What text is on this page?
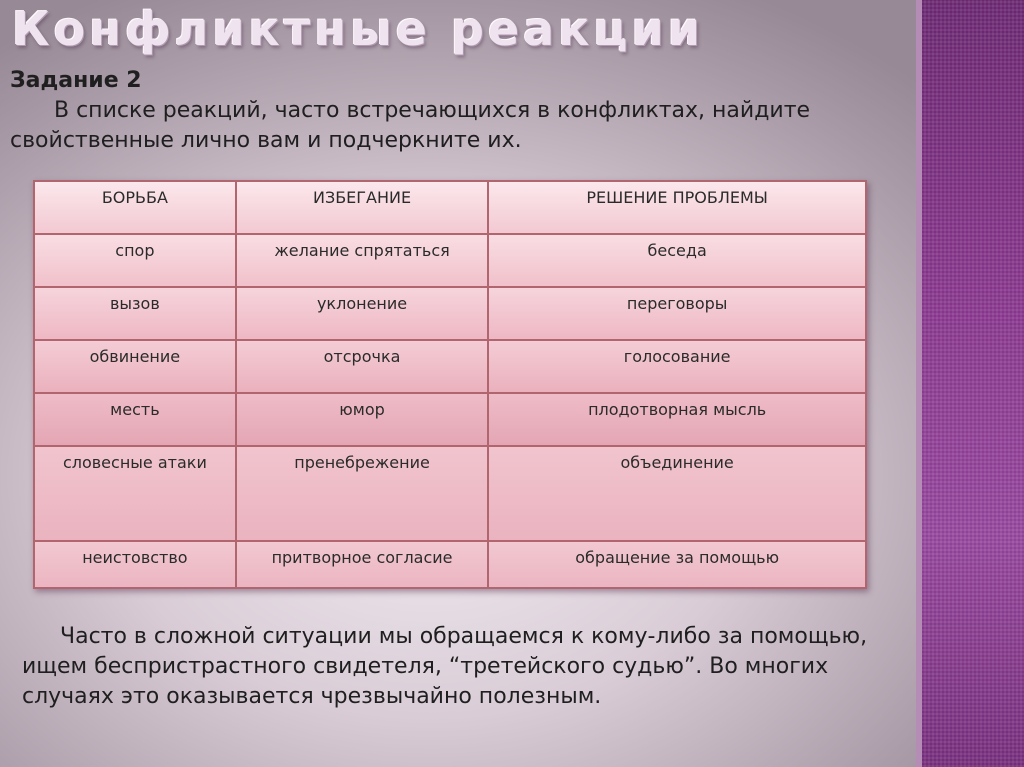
Конфликтные реакции
Задание 2
В списке реакций, часто встречающихся в конфликтах, найдите свойственные лично вам и подчеркните их.
БОРЬБА	ИЗБЕГАНИЕ	РЕШЕНИЕ ПРОБЛЕМЫ
спор	желание спрятаться	беседа
вызов	уклонение	переговоры
обвинение	отсрочка	голосование
месть	юмор	плодотворная мысль
словесные атаки	пренебрежение	объединение
неистовство	притворное согласие	обращение за помощью
Часто в сложной ситуации мы обращаемся к кому-либо за помощью, ищем беспристрастного свидетеля, “третейского судью”. Во многих случаях это оказывается чрезвычайно полезным.
